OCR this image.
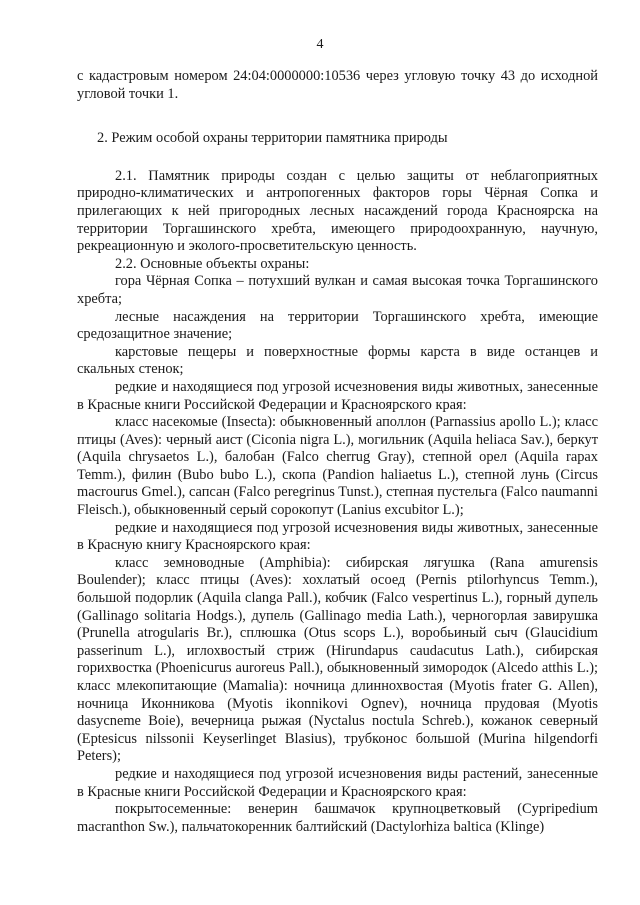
4

с кадастровым номером 24:04:0000000:10536 через угловую точку 43 до исходной угловой точки 1.

2. Режим особой охраны территории памятника природы

2.1. Памятник природы создан с целью защиты от неблагоприятных природно-климатических и антропогенных факторов горы Чёрная Сопка и прилегающих к ней пригородных лесных насаждений города Красноярска на территории Торгашинского хребта, имеющего природоохранную, научную, рекреационную и эколого-просветительскую ценность.

2.2. Основные объекты охраны:

гора Чёрная Сопка – потухший вулкан и самая высокая точка Торгашинского хребта;

лесные насаждения на территории Торгашинского хребта, имеющие средозащитное значение;

карстовые пещеры и поверхностные формы карста в виде останцев и скальных стенок;

редкие и находящиеся под угрозой исчезновения виды животных, занесенные в Красные книги Российской Федерации и Красноярского края:

класс насекомые (Insecta): обыкновенный аполлон (Parnassius apollo L.); класс птицы (Aves): черный аист (Ciconia nigra L.), могильник (Aquila heliaca Sav.), беркут (Aquila chrysaetos L.), балобан (Falco cherrug Gray), степной орел (Aquila rapax Temm.), филин (Bubo bubo L.), скопа (Pandion haliaetus L.), степной лунь (Circus macrourus Gmel.), сапсан (Falco peregrinus Tunst.), степная пустельга (Falco naumanni Fleisch.), обыкновенный серый сорокопут (Lanius excubitor L.);

редкие и находящиеся под угрозой исчезновения виды животных, занесенные в Красную книгу Красноярского края:

класс земноводные (Amphibia): сибирская лягушка (Rana amurensis Boulender); класс птицы (Aves): хохлатый осоед (Pernis ptilorhyncus Temm.), большой подорлик (Aquila clanga Pall.), кобчик (Falco vespertinus L.), горный дупель (Gallinago solitaria Hodgs.), дупель (Gallinago media Lath.), черногорлая завирушка (Prunella atrogularis Br.), сплюшка (Otus scops L.), воробьиный сыч (Glaucidium passerinum L.), иглохвостый стриж (Hirundapus caudacutus Lath.), сибирская горихвостка (Phoenicurus auroreus Pall.), обыкновенный зимородок (Alcedo atthis L.); класс млекопитающие (Mamalia): ночница длиннохвостая (Myotis frater G. Allen), ночница Иконникова (Myotis ikonnikovi Ognev), ночница прудовая (Myotis dasycneme Boie), вечерница рыжая (Nyctalus noctula Schreb.), кожанок северный (Eptesicus nilssonii Keyserlinget Blasius), трубконос большой (Murina hilgendorfi Peters);

редкие и находящиеся под угрозой исчезновения виды растений, занесенные в Красные книги Российской Федерации и Красноярского края:

покрытосеменные: венерин башмачок крупноцветковый (Cypripedium macranthon Sw.), пальчатокоренник балтийский (Dactylorhiza baltica (Klinge)
